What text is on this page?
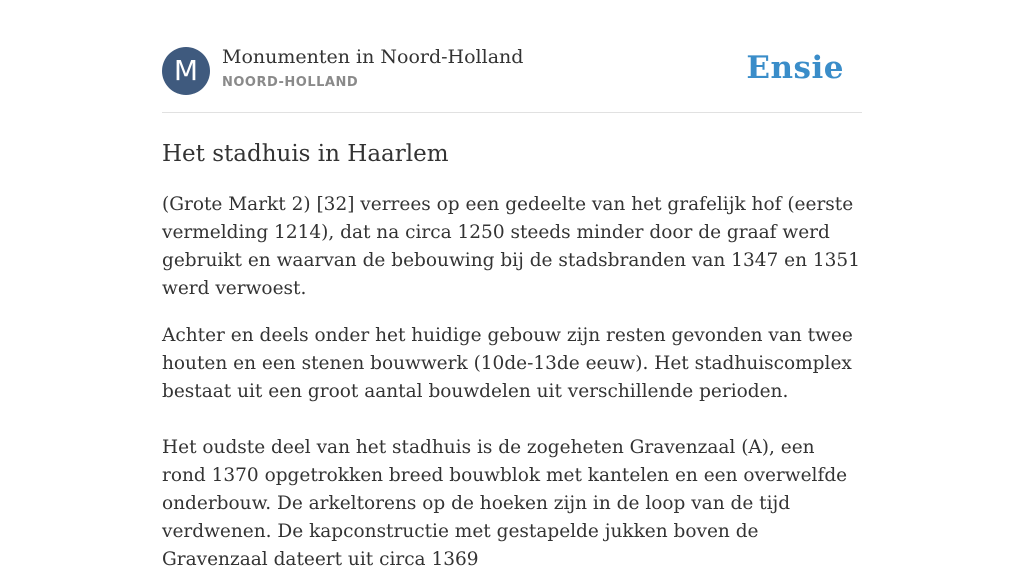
M	Monumenten in Noord-Holland
NOORD-HOLLAND	Ensie
Het stadhuis in Haarlem

(Grote Markt 2) [32] verrees op een gedeelte van het grafelijk hof (eerste vermelding 1214), dat na circa 1250 steeds minder door de graaf werd gebruikt en waarvan de bebouwing bij de stadsbranden van 1347 en 1351 werd verwoest.

Achter en deels onder het huidige gebouw zijn resten gevonden van twee houten en een stenen bouwwerk (10de-13de eeuw). Het stadhuiscomplex bestaat uit een groot aantal bouwdelen uit verschillende perioden.

Het oudste deel van het stadhuis is de zogeheten Gravenzaal (A), een rond 1370 opgetrokken breed bouwblok met kantelen en een overwelfde onderbouw. De arkeltorens op de hoeken zijn in de loop van de tijd verdwenen. De kapconstructie met gestapelde jukken boven de Gravenzaal dateert uit circa 1369
